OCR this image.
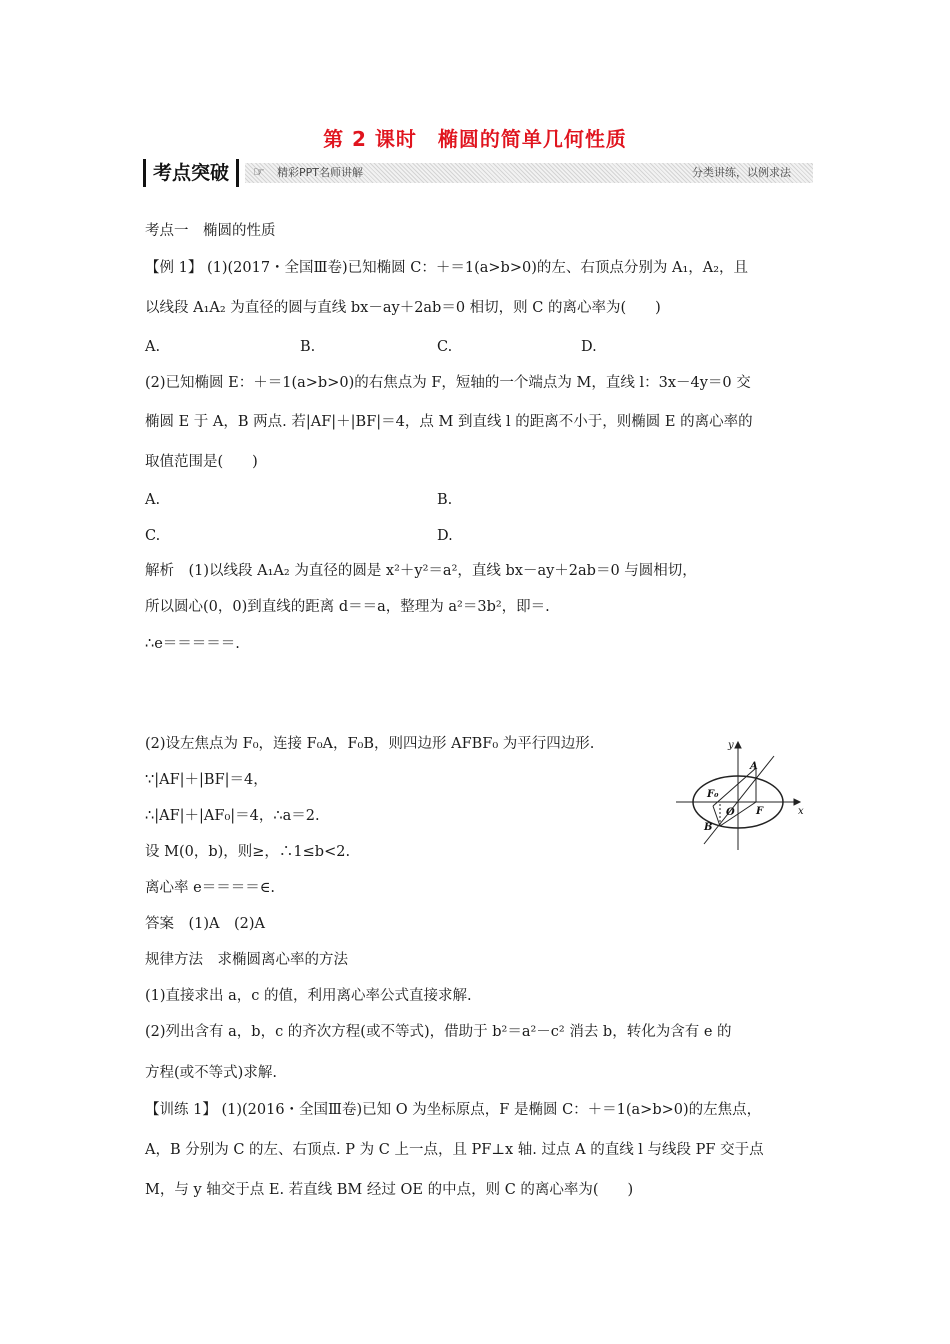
第 2 课时　椭圆的简单几何性质
考点突破	☞ 精彩PPT名师讲解	分类讲练，以例求法
考点一　椭圆的性质
【例 1】 (1)(2017・全国Ⅲ卷)已知椭圆 C：＋＝1(a>b>0)的左、右顶点分别为 A₁，A₂，且
以线段 A₁A₂ 为直径的圆与直线 bx－ay＋2ab＝0 相切，则 C 的离心率为(　　)
A.	B.	C.	D.
(2)已知椭圆 E：＋＝1(a>b>0)的右焦点为 F，短轴的一个端点为 M，直线 l：3x－4y＝0 交
椭圆 E 于 A，B 两点. 若|AF|＋|BF|＝4，点 M 到直线 l 的距离不小于，则椭圆 E 的离心率的
取值范围是(　　)
A.	B.
C.	D.
解析　(1)以线段 A₁A₂ 为直径的圆是 x²＋y²＝a²，直线 bx－ay＋2ab＝0 与圆相切，
所以圆心(0，0)到直线的距离 d＝＝a，整理为 a²＝3b²，即＝.
∴e＝＝＝＝＝.
(2)设左焦点为 F₀，连接 F₀A，F₀B，则四边形 AFBF₀ 为平行四边形.
∵|AF|＋|BF|＝4，
∴|AF|＋|AF₀|＝4，∴a＝2.
设 M(0，b)，则≥，∴1≤b<2.
离心率 e＝＝＝＝∈.
答案　(1)A　(2)A
规律方法　求椭圆离心率的方法
(1)直接求出 a，c 的值，利用离心率公式直接求解.
(2)列出含有 a，b，c 的齐次方程(或不等式)，借助于 b²＝a²－c² 消去 b，转化为含有 e 的
方程(或不等式)求解.
【训练 1】 (1)(2016・全国Ⅲ卷)已知 O 为坐标原点，F 是椭圆 C：＋＝1(a>b>0)的左焦点，
A，B 分别为 C 的左、右顶点. P 为 C 上一点，且 PF⊥x 轴. 过点 A 的直线 l 与线段 PF 交于点
M，与 y 轴交于点 E. 若直线 BM 经过 OE 的中点，则 C 的离心率为(　　)
y
x
A
B
F
F₀
O
